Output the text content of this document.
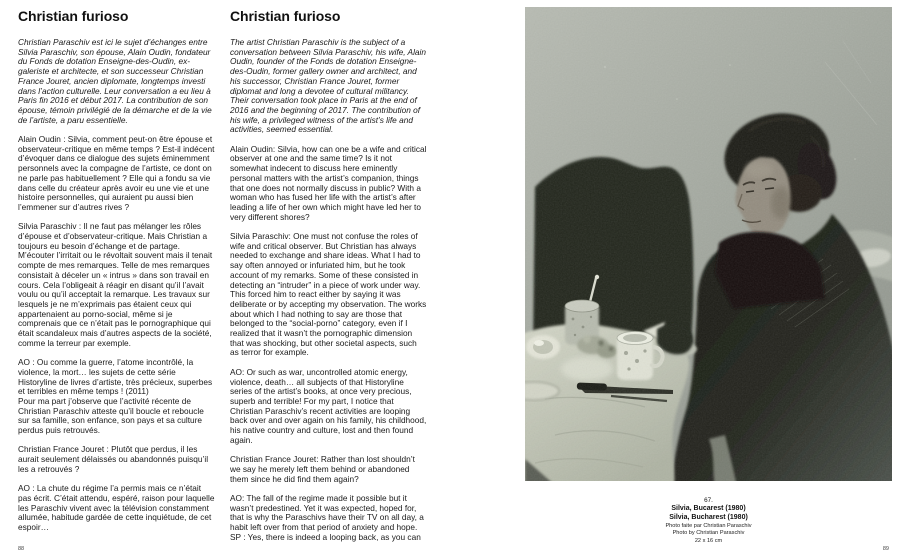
Christian furioso

Christian Paraschiv est ici le sujet d’échanges entre Silvia Paraschiv, son épouse, Alain Oudin, fondateur du Fonds de dotation Enseigne-des-Oudin, ex-galeriste et architecte, et son successeur Christian France Jouret, ancien diplomate, longtemps investi dans l’action culturelle. Leur conversation a eu lieu à Paris fin 2016 et début 2017. La contribution de son épouse, témoin privilégié de la démarche et de la vie de l’artiste, a paru essentielle.

Alain Oudin : Silvia, comment peut-on être épouse et observateur-critique en même temps ? Est-il indécent d’évoquer dans ce dialogue des sujets éminemment personnels avec la compagne de l’artiste, ce dont on ne parle pas habituellement ? Elle qui a fondu sa vie dans celle du créateur après avoir eu une vie et une histoire personnelles, qui auraient pu aussi bien l’emmener sur d’autres rives ?

Silvia Paraschiv : Il ne faut pas mélanger les rôles d’épouse et d’observateur-critique. Mais Christian a toujours eu besoin d’échange et de partage. M’écouter l’irritait ou le révoltait souvent mais il tenait compte de mes remarques. Telle de mes remarques consistait à déceler un « intrus » dans son travail en cours. Cela l’obligeait à réagir en disant qu’il l’avait voulu ou qu’il acceptait la remarque. Les travaux sur lesquels je ne m’exprimais pas étaient ceux qui appartenaient au porno-social, même si je comprenais que ce n’était pas le pornographique qui était scandaleux mais d’autres aspects de la société, comme la terreur par exemple.

AO : Ou comme la guerre, l’atome incontrôlé, la violence, la mort… les sujets de cette série Historyline de livres d’artiste, très précieux, superbes et terribles en même temps ! (2011)

Pour ma part j’observe que l’activité récente de Christian Paraschiv atteste qu’il boucle et reboucle sur sa famille, son enfance, son pays et sa culture perdus puis retrouvés.

Christian France Jouret : Plutôt que perdus, il les aurait seulement délaissés ou abandonnés puisqu’il les a retrouvés ?

AO : La chute du régime l’a permis mais ce n’était pas écrit. C’était attendu, espéré, raison pour laquelle les Paraschiv vivent avec la télévision constamment allumée, habitude gardée de cette inquiétude, de cet espoir…

Christian furioso

The artist Christian Paraschiv is the subject of a conversation between Silvia Paraschiv, his wife, Alain Oudin, founder of the Fonds de dotation Enseigne-des-Oudin, former gallery owner and architect, and his successor, Christian France Jouret, former diplomat and long a devotee of cultural militancy. Their conversation took place in Paris at the end of 2016 and the beginning of 2017. The contribution of his wife, a privileged witness of the artist’s life and activities, seemed essential.

Alain Oudin: Silvia, how can one be a wife and critical observer at one and the same time? Is it not somewhat indecent to discuss here eminently personal matters with the artist’s companion, things that one does not normally discuss in public? With a woman who has fused her life with the artist’s after leading a life of her own which might have led her to very different shores?

Silvia Paraschiv: One must not confuse the roles of wife and critical observer. But Christian has always needed to exchange and share ideas. What I had to say often annoyed or infuriated him, but he took account of my remarks. Some of these consisted in detecting an “intruder” in a piece of work under way. This forced him to react either by saying it was deliberate or by accepting my observation. The works about which I had nothing to say are those that belonged to the “social-porno” category, even if I realized that it wasn’t the pornographic dimension that was shocking, but other societal aspects, such as terror for example.

AO: Or such as war, uncontrolled atomic energy, violence, death… all subjects of that Historyline series of the artist’s books, at once very precious, superb and terrible! For my part, I notice that Christian Paraschiv’s recent activities are looping back over and over again on his family, his childhood, his native country and culture, lost and then found again.

Christian France Jouret: Rather than lost shouldn’t we say he merely left them behind or abandoned them since he did find them again?

AO: The fall of the regime made it possible but it wasn’t predestined. Yet it was expected, hoped for, that is why the Paraschivs have their TV on all day, a habit left over from that period of anxiety and hope.

SP : Yes, there is indeed a looping back, as you can

67.
Silvia, Bucarest (1980)
Silvia, Bucharest (1980)
Photo faite par Christian Paraschiv
Photo by Christian Paraschiv
22 x 16 cm
88	89
